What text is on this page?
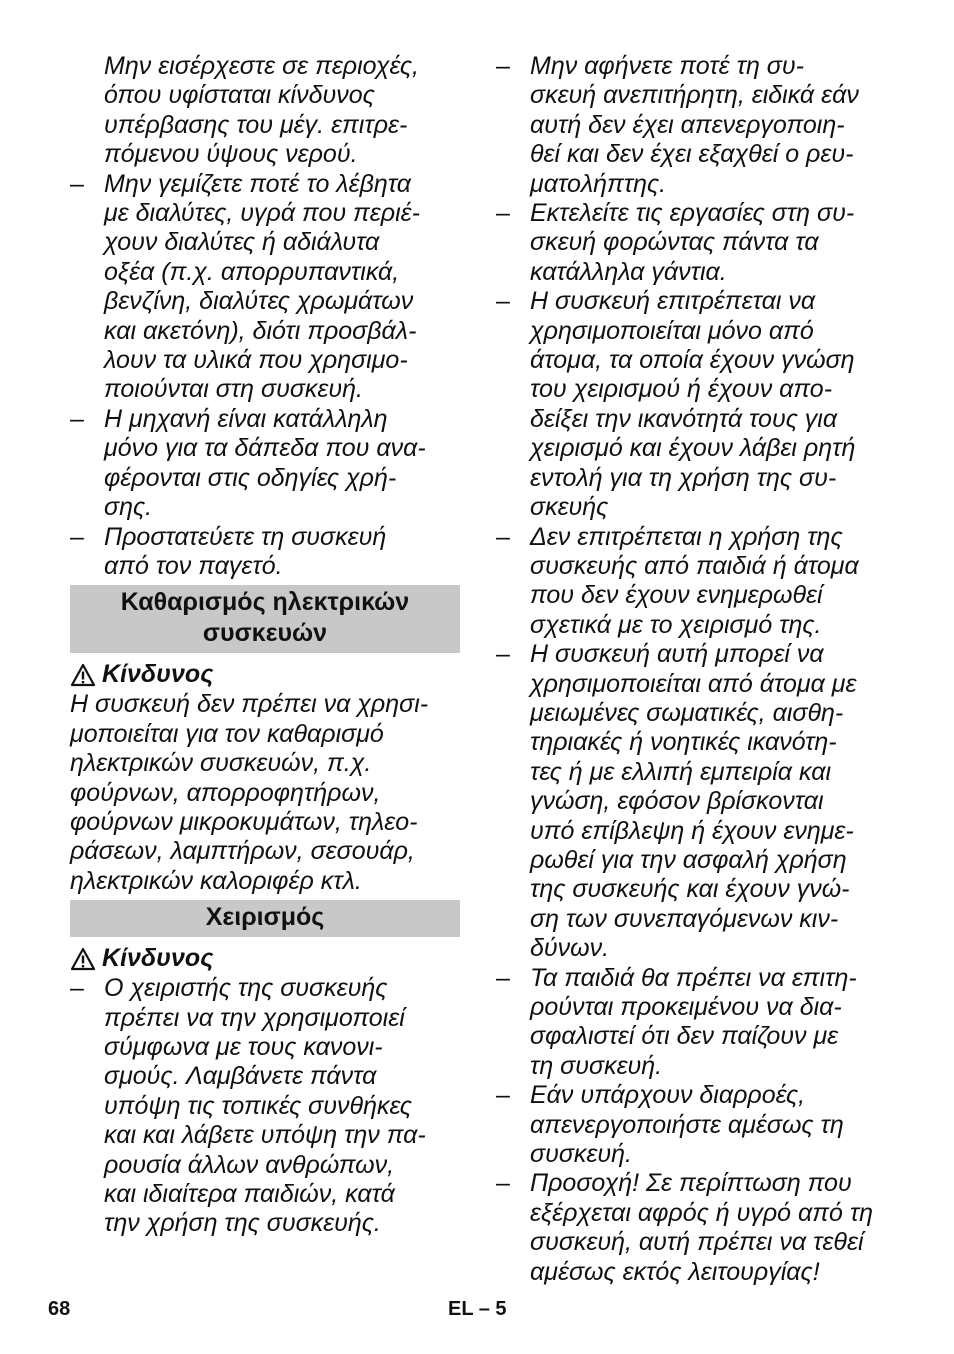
Μην εισέρχεστε σε περιοχές,
όπου υφίσταται κίνδυνος
υπέρβασης του μέγ. επιτρε-
πόμενου ύψους νερού.
– Μην γεμίζετε ποτέ το λέβητα
με διαλύτες, υγρά που περιέ-
χουν διαλύτες ή αδιάλυτα
οξέα (π.χ. απορρυπαντικά,
βενζίνη, διαλύτες χρωμάτων
και ακετόνη), διότι προσβάλ-
λουν τα υλικά που χρησιμο-
ποιούνται στη συσκευή.
– Η μηχανή είναι κατάλληλη
μόνο για τα δάπεδα που ανα-
φέρονται στις οδηγίες χρή-
σης.
– Προστατεύετε τη συσκευή
από τον παγετό.
Καθαρισμός ηλεκτρικών
συσκευών
Κίνδυνος
Η συσκευή δεν πρέπει να χρησι-
μοποιείται για τον καθαρισμό
ηλεκτρικών συσκευών, π.χ.
φούρνων, απορροφητήρων,
φούρνων μικροκυμάτων, τηλεο-
ράσεων, λαμπτήρων, σεσουάρ,
ηλεκτρικών καλοριφέρ κτλ.
Χειρισμός
Κίνδυνος
– Ο χειριστής της συσκευής
πρέπει να την χρησιμοποιεί
σύμφωνα με τους κανονι-
σμούς. Λαμβάνετε πάντα
υπόψη τις τοπικές συνθήκες
και και λάβετε υπόψη την πα-
ρουσία άλλων ανθρώπων,
και ιδιαίτερα παιδιών, κατά
την χρήση της συσκευής.
– Μην αφήνετε ποτέ τη συ-
σκευή ανεπιτήρητη, ειδικά εάν
αυτή δεν έχει απενεργοποιη-
θεί και δεν έχει εξαχθεί ο ρευ-
ματολήπτης.
– Εκτελείτε τις εργασίες στη συ-
σκευή φορώντας πάντα τα
κατάλληλα γάντια.
– Η συσκευή επιτρέπεται να
χρησιμοποιείται μόνο από
άτομα, τα οποία έχουν γνώση
του χειρισμού ή έχουν απο-
δείξει την ικανότητά τους για
χειρισμό και έχουν λάβει ρητή
εντολή για τη χρήση της συ-
σκευής
– Δεν επιτρέπεται η χρήση της
συσκευής από παιδιά ή άτομα
που δεν έχουν ενημερωθεί
σχετικά με το χειρισμό της.
– Η συσκευή αυτή μπορεί να
χρησιμοποιείται από άτομα με
μειωμένες σωματικές, αισθη-
τηριακές ή νοητικές ικανότη-
τες ή με ελλιπή εμπειρία και
γνώση, εφόσον βρίσκονται
υπό επίβλεψη ή έχουν ενημε-
ρωθεί για την ασφαλή χρήση
της συσκευής και έχουν γνώ-
ση των συνεπαγόμενων κιν-
δύνων.
– Τα παιδιά θα πρέπει να επιτη-
ρούνται προκειμένου να δια-
σφαλιστεί ότι δεν παίζουν με
τη συσκευή.
– Εάν υπάρχουν διαρροές,
απενεργοποιήστε αμέσως τη
συσκευή.
– Προσοχή! Σε περίπτωση που
εξέρχεται αφρός ή υγρό από τη
συσκευή, αυτή πρέπει να τεθεί
αμέσως εκτός λειτουργίας!
68	EL – 5
